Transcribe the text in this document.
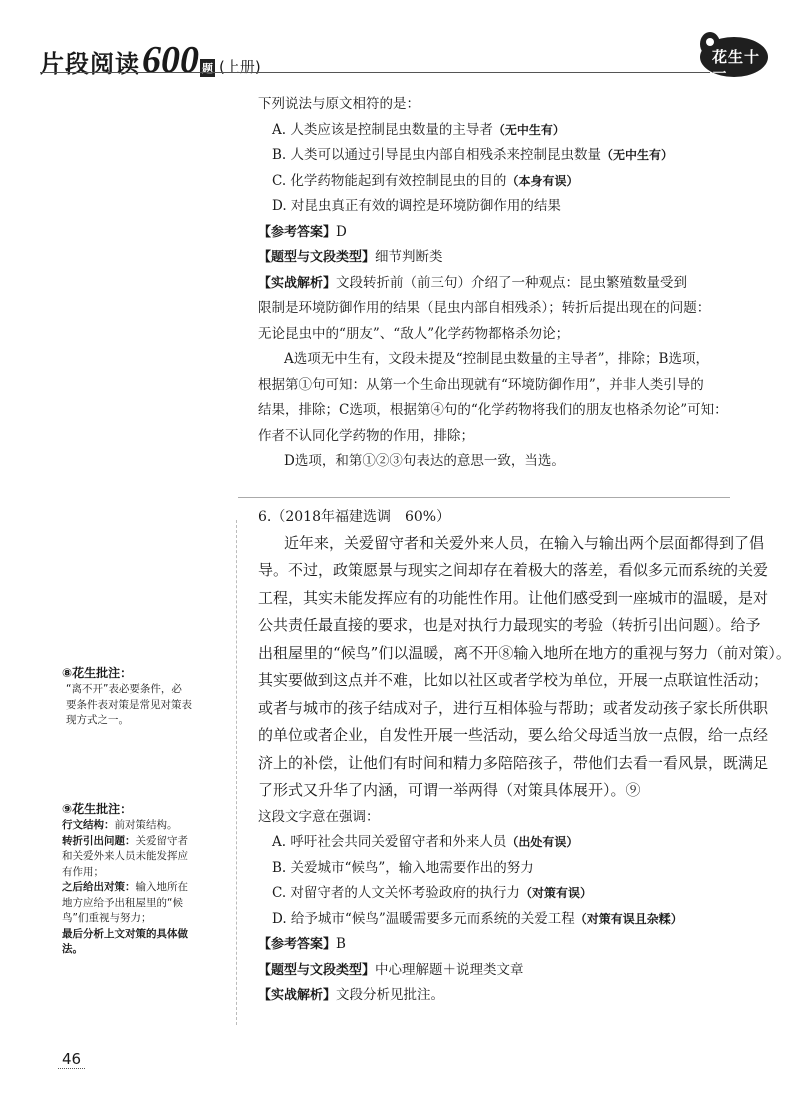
片段阅读 600 题 (上册)
花生十三
下列说法与原文相符的是：
A. 人类应该是控制昆虫数量的主导者（无中生有）
B. 人类可以通过引导昆虫内部自相残杀来控制昆虫数量（无中生有）
C. 化学药物能起到有效控制昆虫的目的（本身有误）
D. 对昆虫真正有效的调控是环境防御作用的结果
【参考答案】D
【题型与文段类型】细节判断类
【实战解析】文段转折前（前三句）介绍了一种观点：昆虫繁殖数量受到
限制是环境防御作用的结果（昆虫内部自相残杀）；转折后提出现在的问题：
无论昆虫中的“朋友”、“敌人”化学药物都格杀勿论；
A选项无中生有，文段未提及“控制昆虫数量的主导者”，排除；B选项，
根据第①句可知：从第一个生命出现就有“环境防御作用”，并非人类引导的
结果，排除；C选项，根据第④句的“化学药物将我们的朋友也格杀勿论”可知：
作者不认同化学药物的作用，排除；
D选项，和第①②③句表达的意思一致，当选。
6.（2018年福建选调　60%）
近年来，关爱留守者和关爱外来人员，在输入与输出两个层面都得到了倡
导。不过，政策愿景与现实之间却存在着极大的落差，看似多元而系统的关爱
工程，其实未能发挥应有的功能性作用。让他们感受到一座城市的温暖，是对
公共责任最直接的要求，也是对执行力最现实的考验（转折引出问题）。给予
出租屋里的“候鸟”们以温暖，离不开⑧输入地所在地方的重视与努力（前对策）。
其实要做到这点并不难，比如以社区或者学校为单位，开展一点联谊性活动；
或者与城市的孩子结成对子，进行互相体验与帮助；或者发动孩子家长所供职
的单位或者企业，自发性开展一些活动，要么给父母适当放一点假，给一点经
济上的补偿，让他们有时间和精力多陪陪孩子，带他们去看一看风景，既满足
了形式又升华了内涵，可谓一举两得（对策具体展开）。⑨
这段文字意在强调：
A. 呼吁社会共同关爱留守者和外来人员（出处有误）
B. 关爱城市“候鸟”，输入地需要作出的努力
C. 对留守者的人文关怀考验政府的执行力（对策有误）
D. 给予城市“候鸟”温暖需要多元而系统的关爱工程（对策有误且杂糅）
【参考答案】B
【题型与文段类型】中心理解题＋说理类文章
【实战解析】文段分析见批注。
⑧花生批注：
“离不开”表必要条件，必
要条件表对策是常见对策表
现方式之一。
⑨花生批注：
行文结构：前对策结构。
转折引出问题：关爱留守者
和关爱外来人员未能发挥应
有作用；
之后给出对策：输入地所在
地方应给予出租屋里的“候
鸟”们重视与努力；
最后分析上文对策的具体做
法。
46
